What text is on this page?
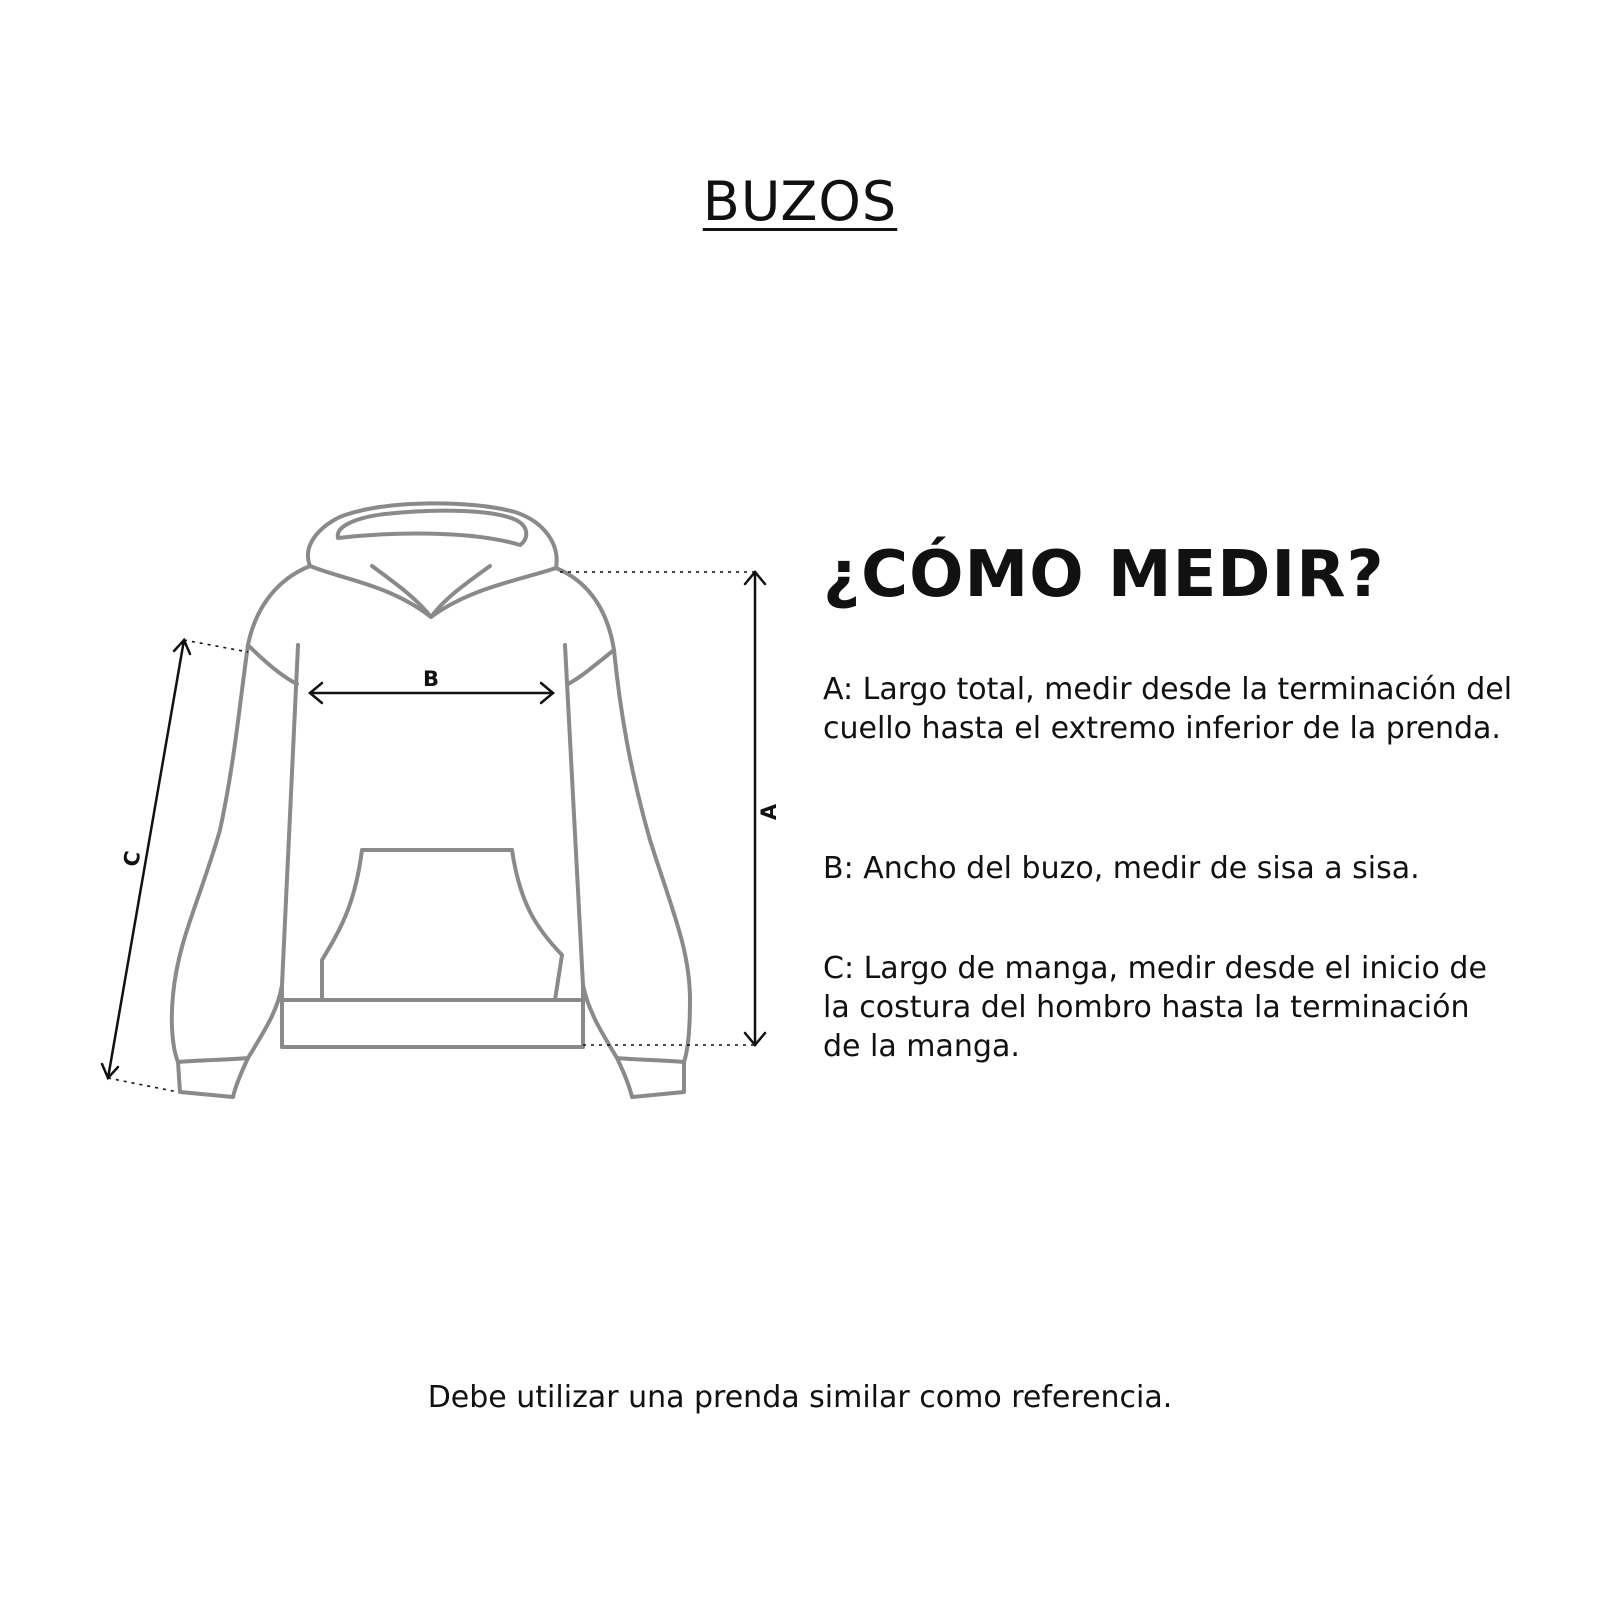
BUZOS
B
A
C
¿CÓMO MEDIR?

A: Largo total, medir desde la terminación del cuello hasta el extremo inferior de la prenda.

B: Ancho del buzo, medir de sisa a sisa.

C: Largo de manga, medir desde el inicio de la costura del hombro hasta la terminación de la manga.

Debe utilizar una prenda similar como referencia.
